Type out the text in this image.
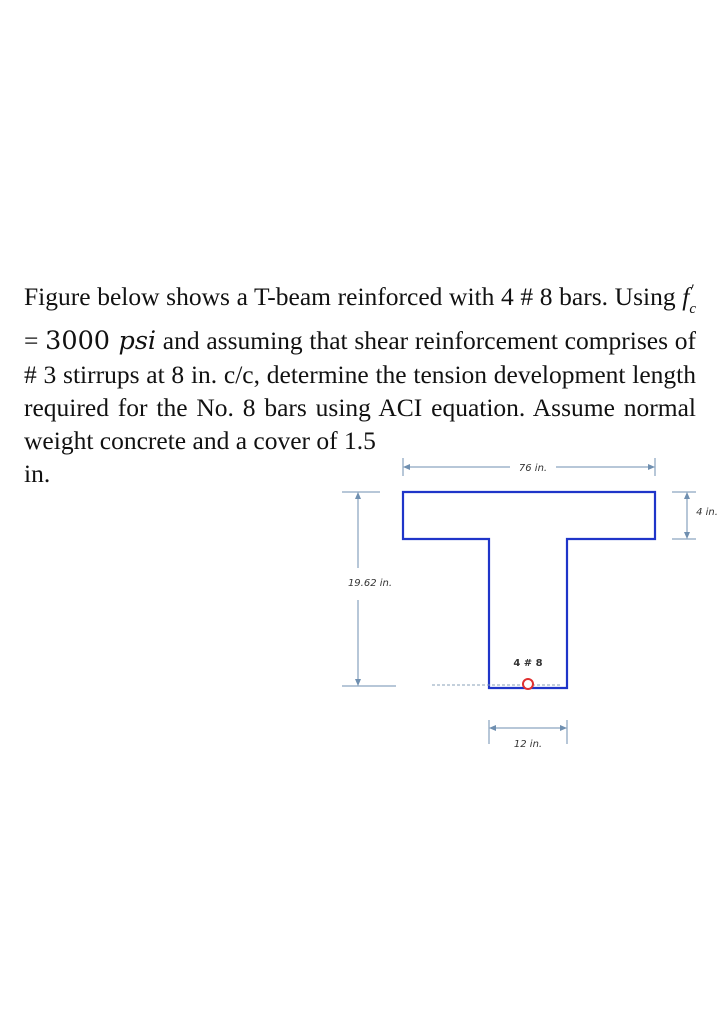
Figure below shows a T-beam reinforced with 4 # 8 bars. Using $f_c$
′
= 3000 psi and assuming that shear reinforcement comprises of # 3 stirrups at 8 in. c/c, determine the tension development length required for the No. 8 bars using ACI equation. Assume normal weight concrete and a cover of 1.5
in.	76 in.
4 in.
19.62 in.
4 # 8
12 in.
